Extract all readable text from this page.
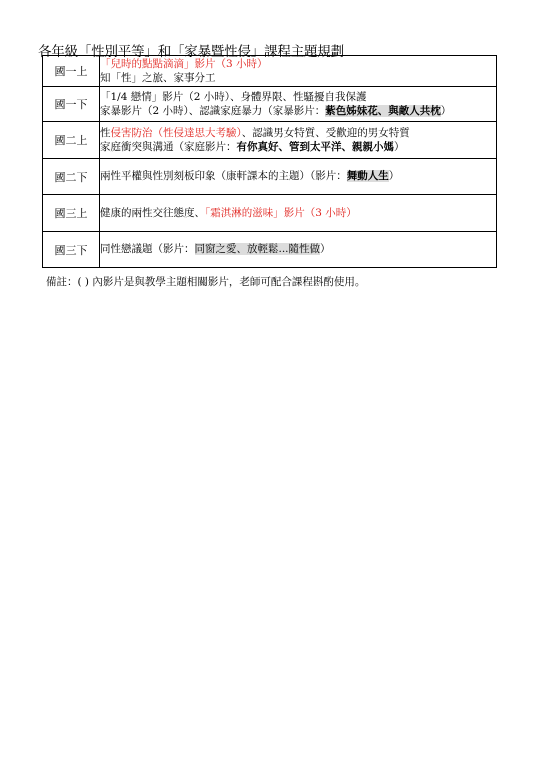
各年級「性別平等」和「家暴暨性侵」課程主題規劃
國一上	「兒時的點點滴滴」影片（3 小時）
知「性」之旅、家事分工

國一下	「1/4 戀情」影片（2 小時）、身體界限、性騷擾自我保護
家暴影片（2 小時）、認識家庭暴力（家暴影片：紫色姊妹花、與敵人共枕）

國二上	性侵害防治（性侵達思大考驗）、認識男女特質、受歡迎的男女特質
家庭衝突與溝通（家庭影片：有你真好、管到太平洋、親親小媽）

國二下	兩性平權與性別刻板印象（康軒課本的主題）（影片：舞動人生）

國三上	健康的兩性交往態度、「霜淇淋的滋味」影片（3 小時）

國三下	同性戀議題（影片：同窗之愛、放輕鬆...隨性做）
備註：( ) 內影片是與教學主題相關影片，老師可配合課程斟酌使用。
